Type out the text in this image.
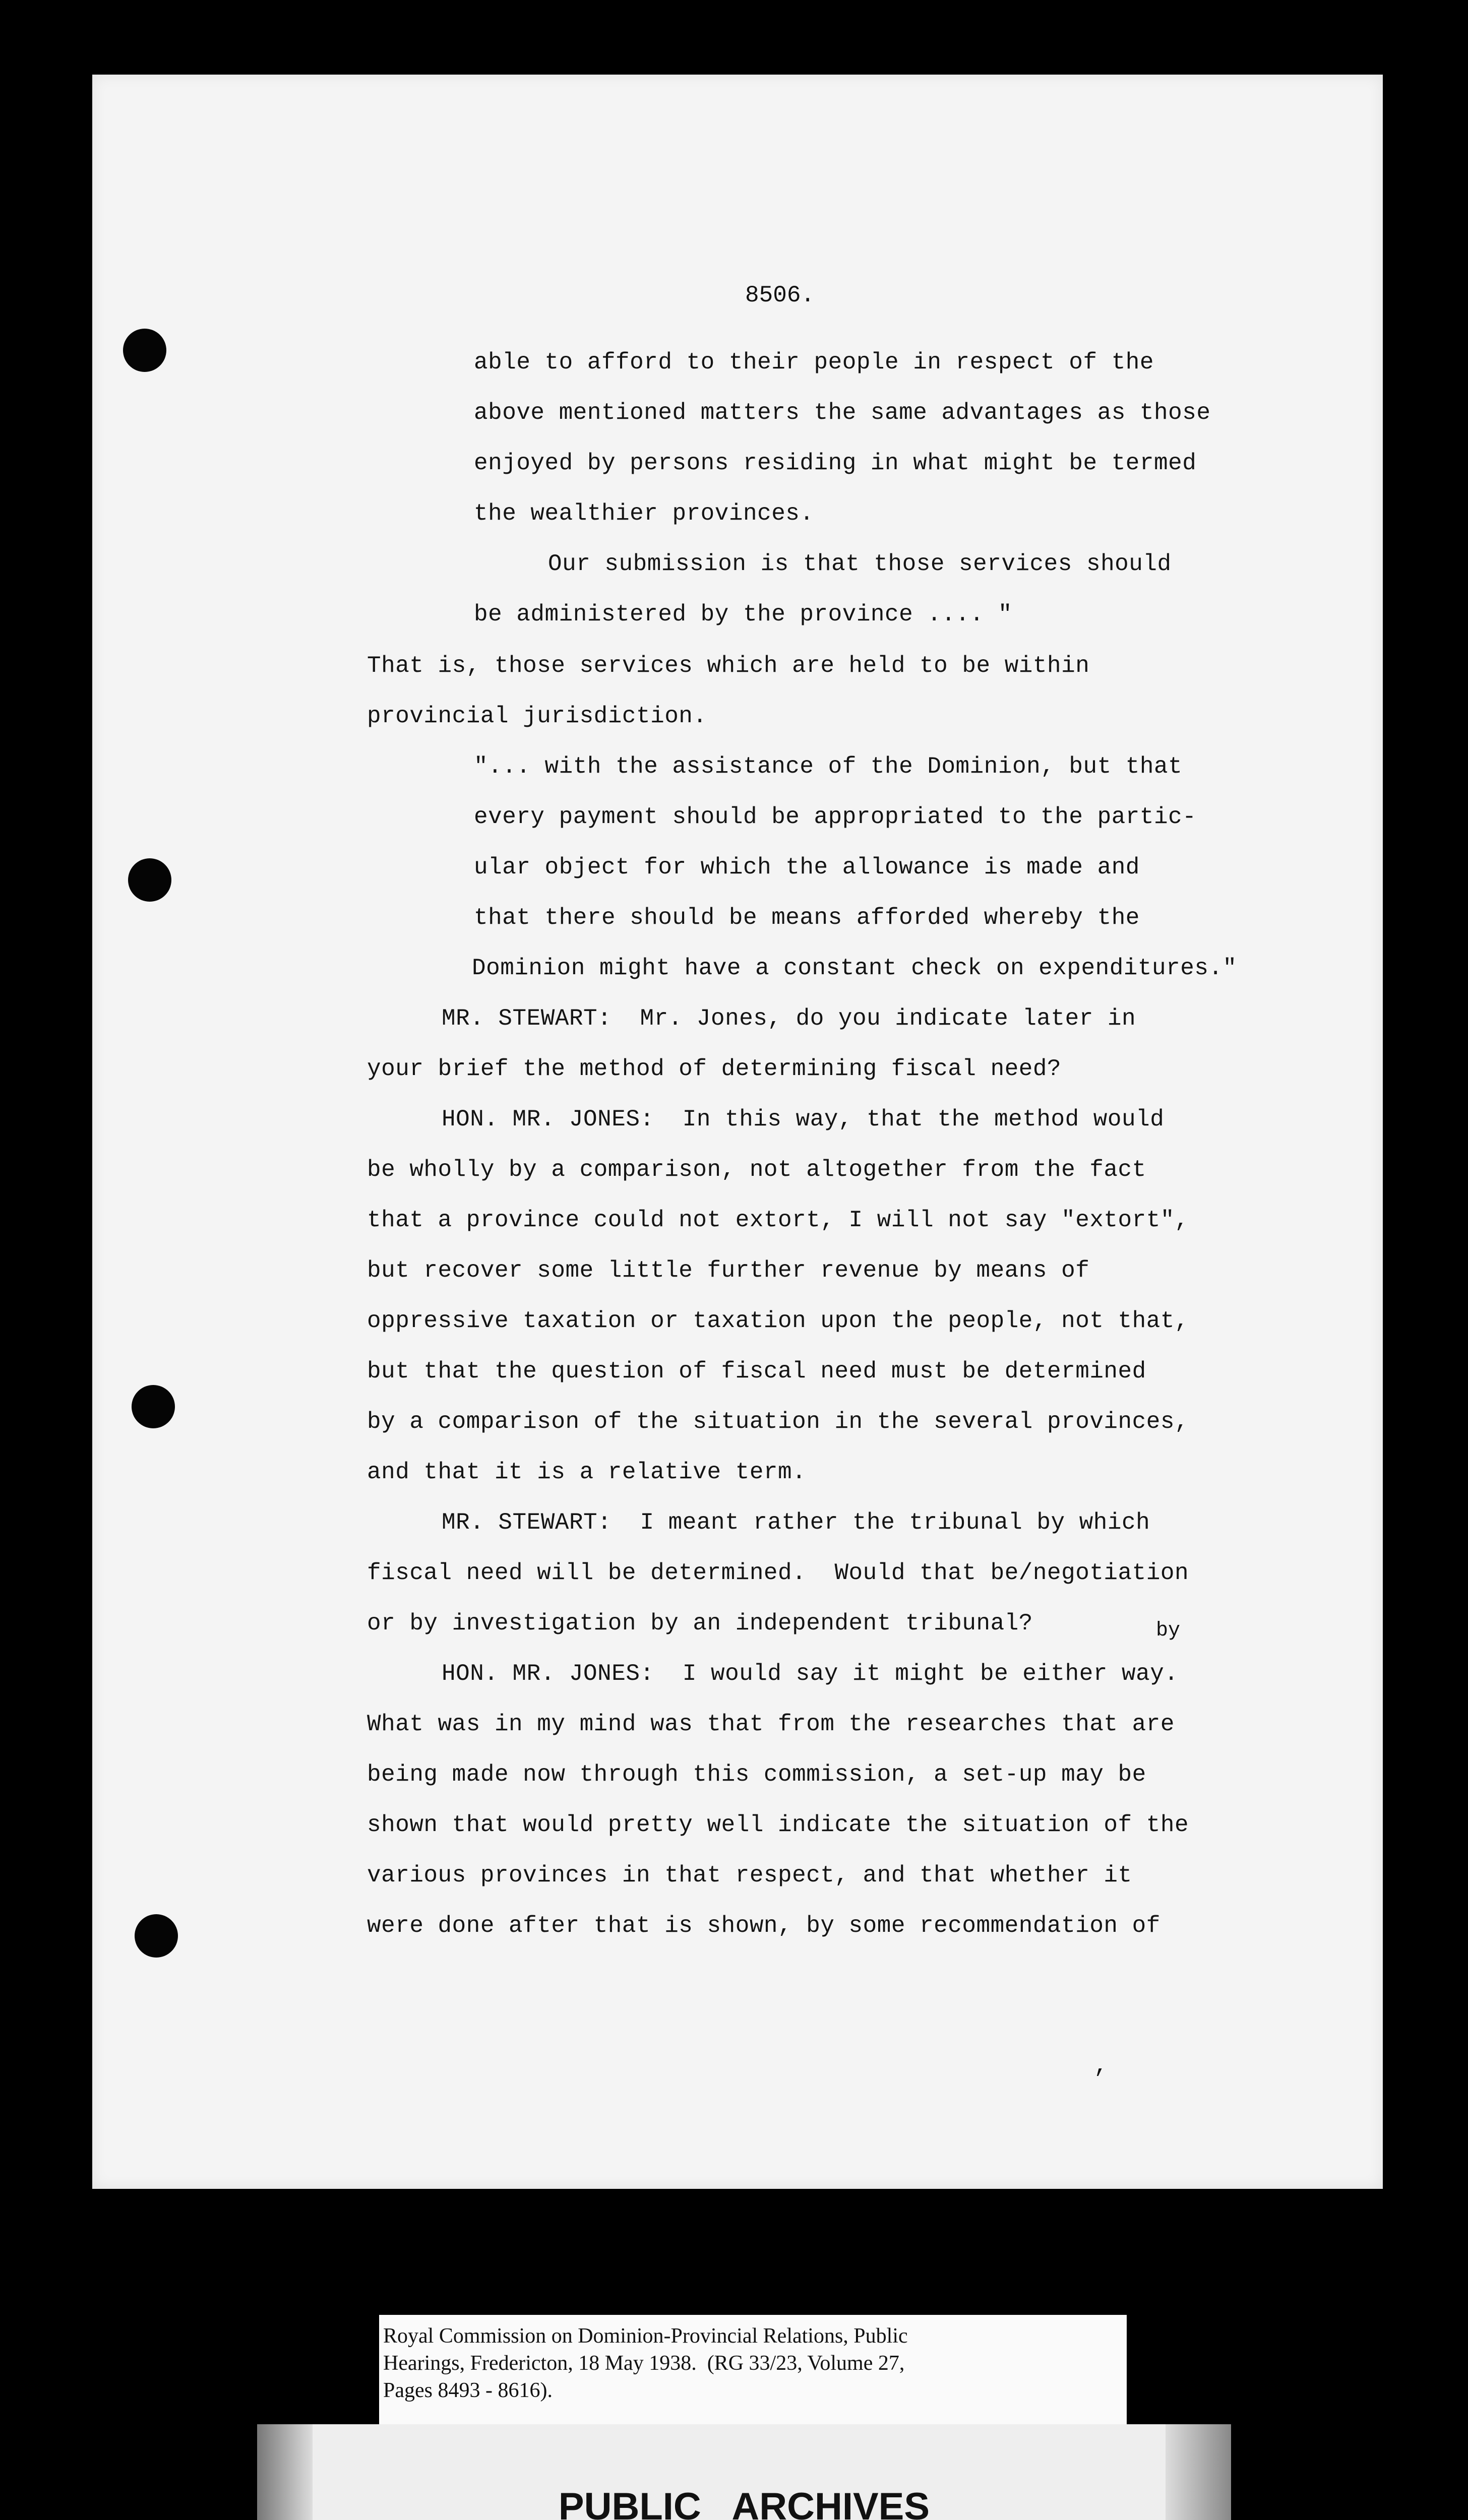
8506.
able to afford to their people in respect of the
above mentioned matters the same advantages as those
enjoyed by persons residing in what might be termed
the wealthier provinces.
Our submission is that those services should
be administered by the province .... "
That is, those services which are held to be within
provincial jurisdiction.
"... with the assistance of the Dominion, but that
every payment should be appropriated to the partic-
ular object for which the allowance is made and
that there should be means afforded whereby the
Dominion might have a constant check on expenditures."
MR. STEWART:  Mr. Jones, do you indicate later in
your brief the method of determining fiscal need?
HON. MR. JONES:  In this way, that the method would
be wholly by a comparison, not altogether from the fact
that a province could not extort, I will not say "extort",
but recover some little further revenue by means of
oppressive taxation or taxation upon the people, not that,
but that the question of fiscal need must be determined
by a comparison of the situation in the several provinces,
and that it is a relative term.
MR. STEWART:  I meant rather the tribunal by which
fiscal need will be determined.  Would that be/negotiation
or by investigation by an independent tribunal?
HON. MR. JONES:  I would say it might be either way.
What was in my mind was that from the researches that are
being made now through this commission, a set-up may be
shown that would pretty well indicate the situation of the
various provinces in that respect, and that whether it
were done after that is shown, by some recommendation of
by
,
Royal Commission on Dominion-Provincial Relations, Public
Hearings, Fredericton, 18 May 1938.  (RG 33/23, Volume 27,
Pages 8493 - 8616).
PUBLIC   ARCHIVES
